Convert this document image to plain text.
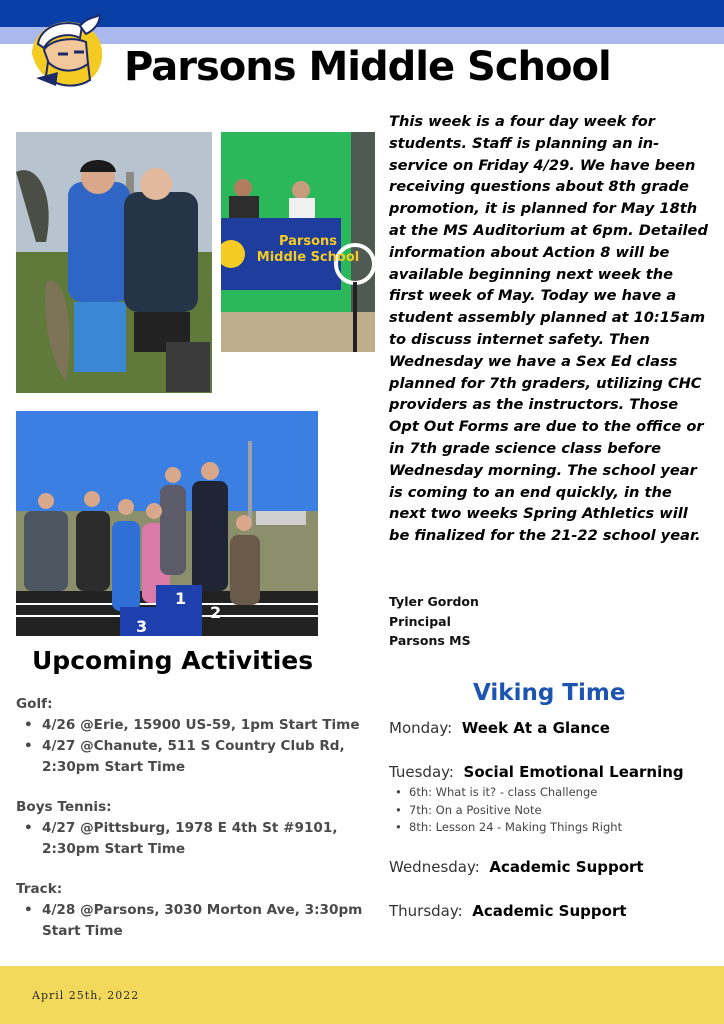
Parsons Middle School
Parsons
Middle School
1
2
3
This week is a four day week for students. Staff is planning an in-service on Friday 4/29. We have been receiving questions about 8th grade promotion, it is planned for May 18th at the MS Auditorium at 6pm. Detailed information about Action 8 will be available beginning next week the first week of May. Today we have a student assembly planned at 10:15am to discuss internet safety. Then Wednesday we have a Sex Ed class planned for 7th graders, utilizing CHC providers as the instructors. Those Opt Out Forms are due to the office or in 7th grade science class before Wednesday morning. The school year is coming to an end quickly, in the next two weeks Spring Athletics will be finalized for the 21-22 school year.
Tyler Gordon
Principal
Parsons MS
Upcoming Activities
Golf:
• 4/26 @Erie, 15900 US-59, 1pm Start Time
• 4/27 @Chanute, 511 S Country Club Rd, 2:30pm Start Time
Boys Tennis:
• 4/27 @Pittsburg, 1978 E 4th St #9101, 2:30pm Start Time
Track:
• 4/28 @Parsons, 3030 Morton Ave, 3:30pm Start Time
Viking Time
Monday: Week At a Glance
Tuesday: Social Emotional Learning
• 6th: What is it? - class Challenge
• 7th: On a Positive Note
• 8th: Lesson 24 - Making Things Right
Wednesday: Academic Support
Thursday: Academic Support
April 25th, 2022
